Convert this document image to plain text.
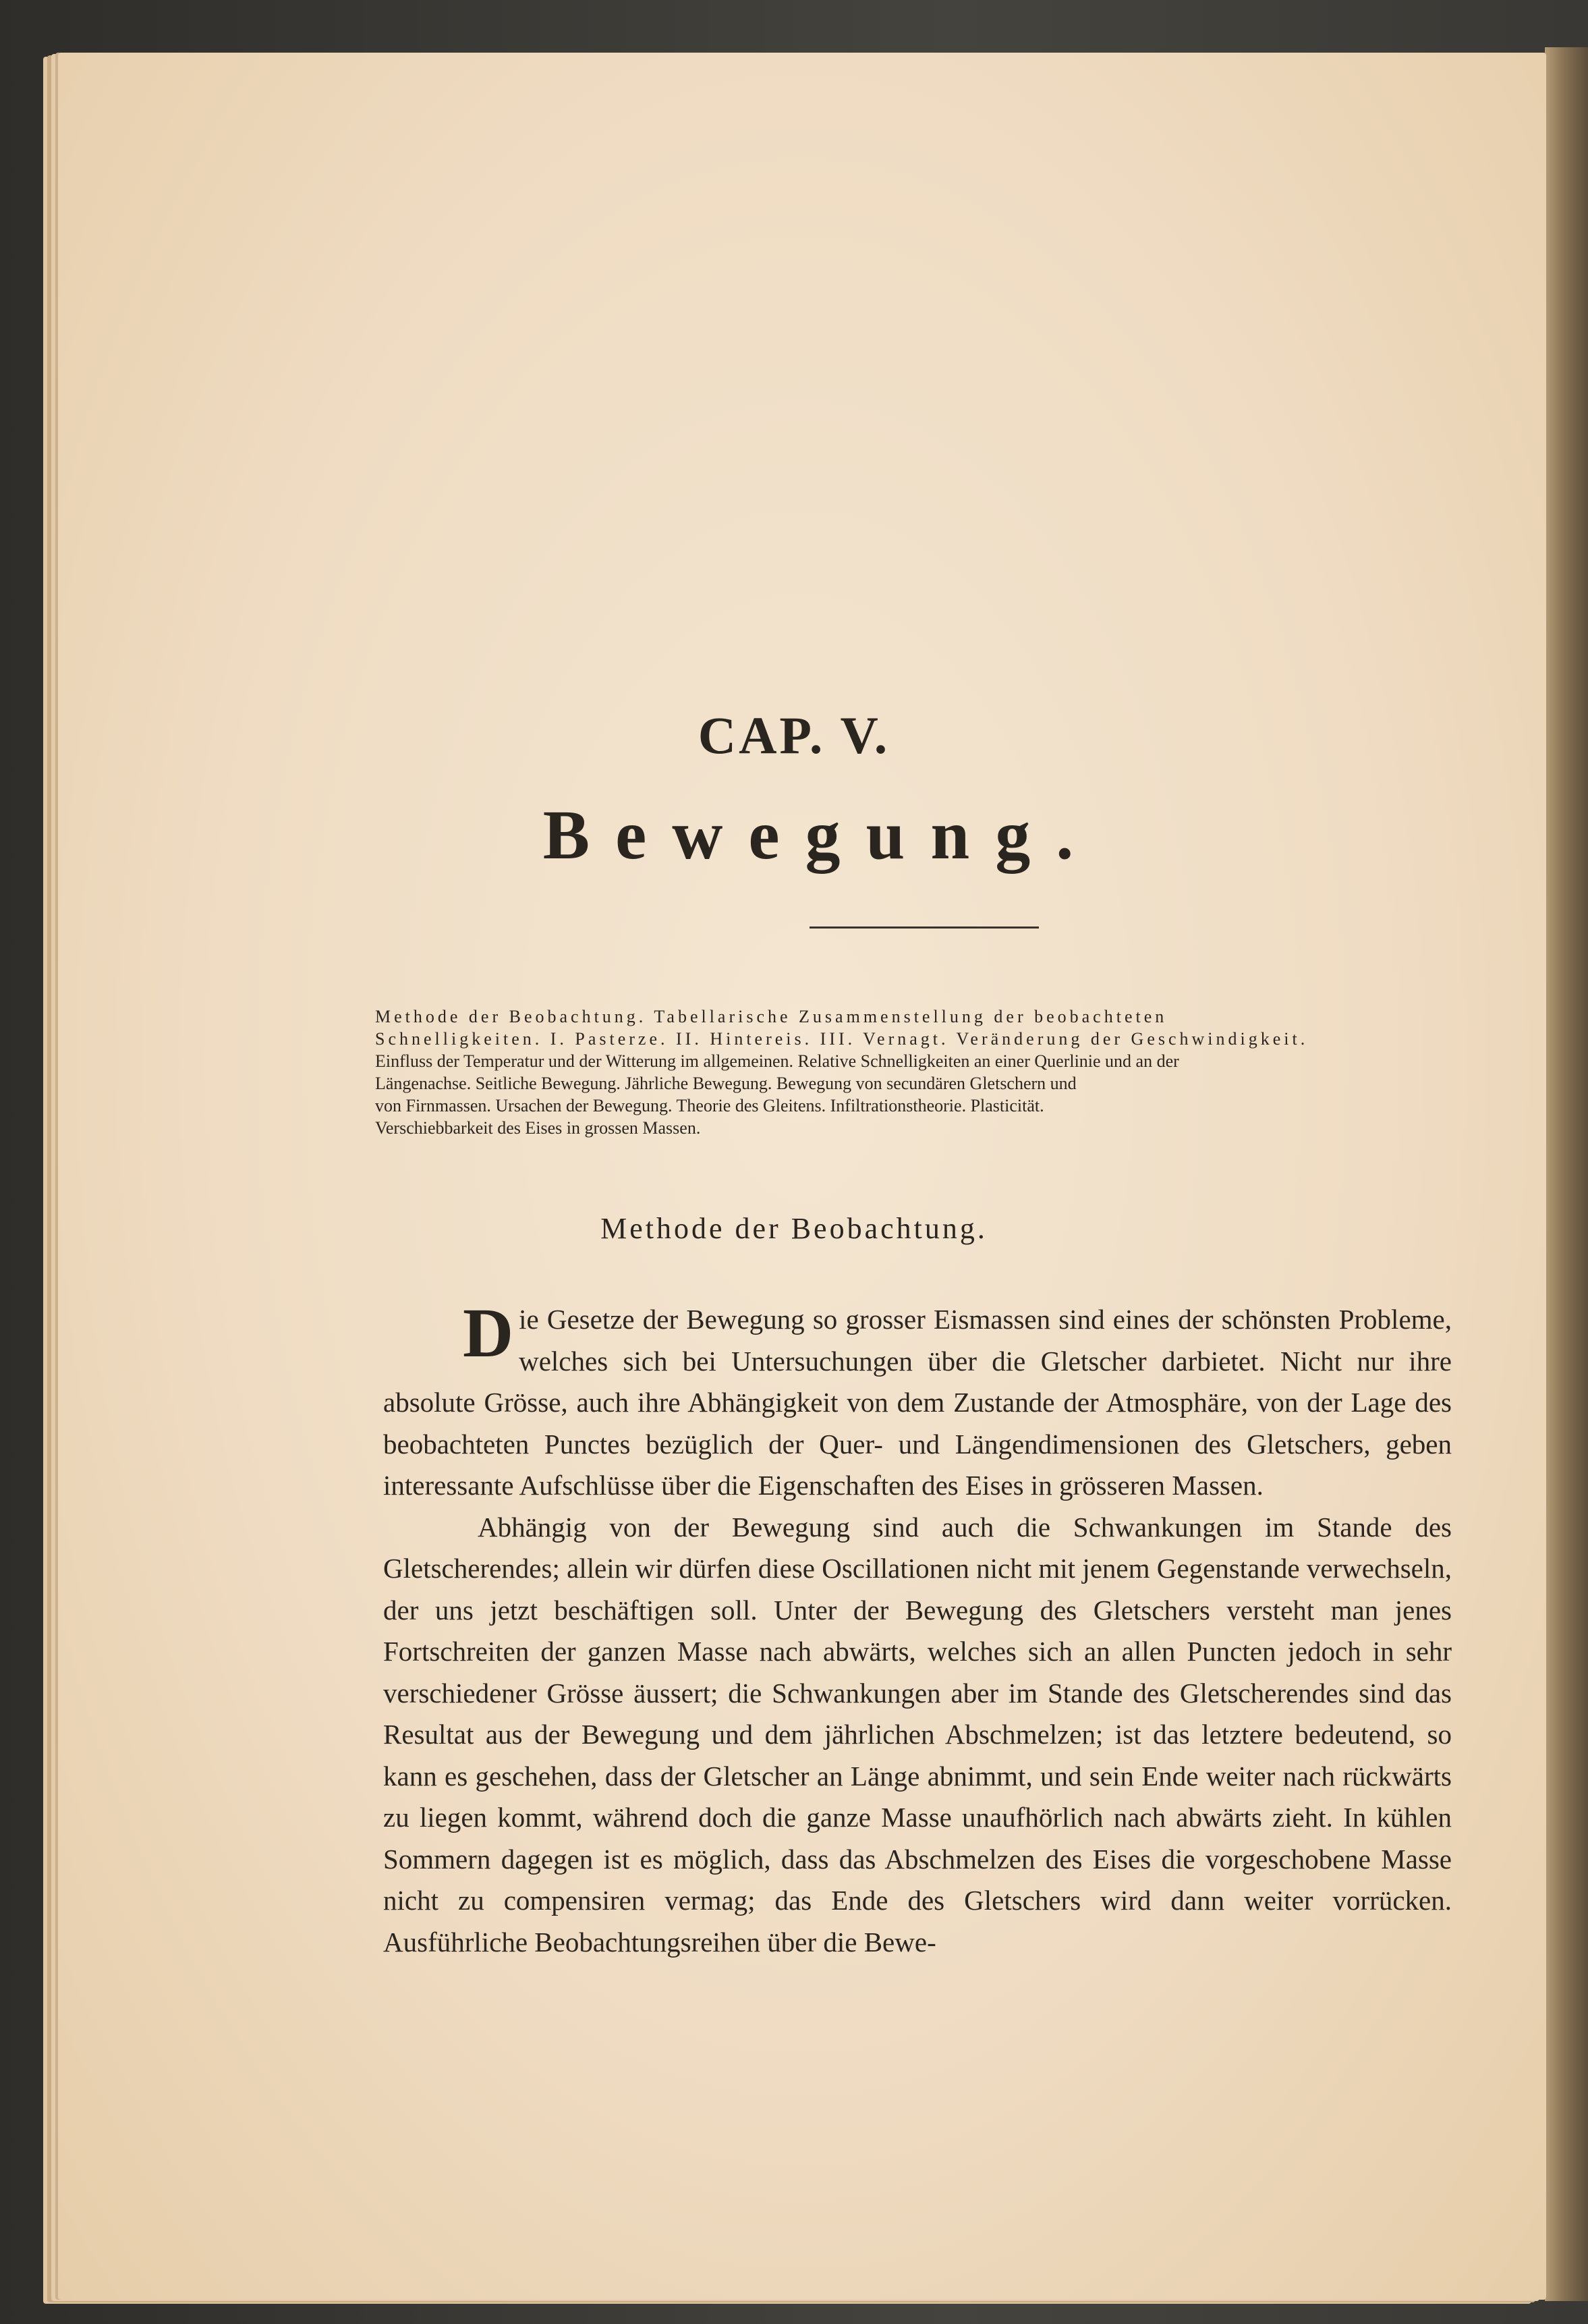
CAP. V.
Bewegung.
Methode der Beobachtung. Tabellarische Zusammenstellung der beobachteten
Schnelligkeiten. I. Pasterze. II. Hintereis. III. Vernagt. Veränderung der Geschwindigkeit.
Einfluss der Temperatur und der Witterung im allgemeinen. Relative Schnelligkeiten an einer Querlinie und an der
Längenachse. Seitliche Bewegung. Jährliche Bewegung. Bewegung von secundären Gletschern und
von Firnmassen. Ursachen der Bewegung. Theorie des Gleitens. Infiltrationstheorie. Plasticität.
Verschiebbarkeit des Eises in grossen Massen.
Methode der Beobachtung.

Die Gesetze der Bewegung so grosser Eismassen sind eines der schönsten Probleme, welches sich bei Untersuchungen über die Gletscher darbietet. Nicht nur ihre absolute Grösse, auch ihre Abhängigkeit von dem Zustande der Atmosphäre, von der Lage des beobachteten Punctes bezüglich der Quer- und Längendimensionen des Gletschers, geben interessante Aufschlüsse über die Eigenschaften des Eises in grösseren Massen.

Abhängig von der Bewegung sind auch die Schwankungen im Stande des Gletscherendes; allein wir dürfen diese Oscillationen nicht mit jenem Gegenstande verwechseln, der uns jetzt beschäftigen soll. Unter der Bewegung des Gletschers versteht man jenes Fortschreiten der ganzen Masse nach abwärts, welches sich an allen Puncten jedoch in sehr verschiedener Grösse äussert; die Schwankungen aber im Stande des Gletscherendes sind das Resultat aus der Bewegung und dem jährlichen Abschmelzen; ist das letztere bedeutend, so kann es geschehen, dass der Gletscher an Länge abnimmt, und sein Ende weiter nach rückwärts zu liegen kommt, während doch die ganze Masse unaufhörlich nach abwärts zieht. In kühlen Sommern dagegen ist es möglich, dass das Abschmelzen des Eises die vorgeschobene Masse nicht zu compensiren vermag; das Ende des Gletschers wird dann weiter vorrücken. Ausführliche Beobachtungsreihen über die Bewe-
